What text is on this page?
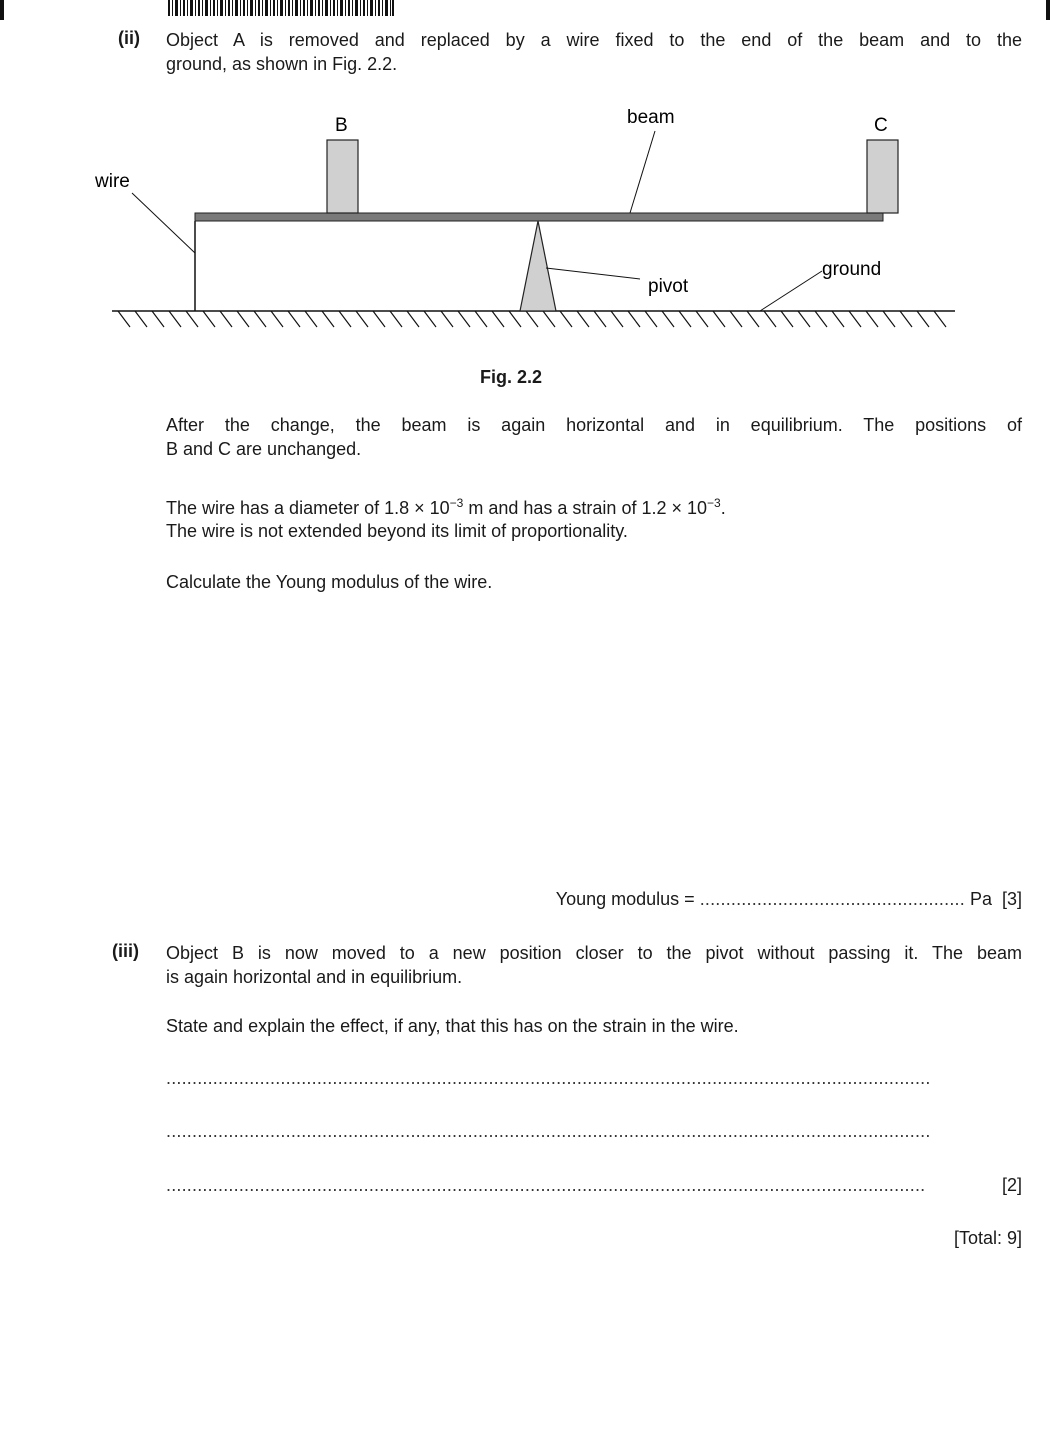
(ii) Object A is removed and replaced by a wire fixed to the end of the beam and to the
ground, as shown in Fig. 2.2.
B	C
beam
wire
pivot
ground
Fig. 2.2
After the change, the beam is again horizontal and in equilibrium. The positions of
B and C are unchanged.
The wire has a diameter of $1.8 \times 10^{-3}$ m and has a strain of $1.2 \times 10^{-3}$.
The wire is not extended beyond its limit of proportionality.
Calculate the Young modulus of the wire.
Young modulus = ................................................... Pa [3]
(iii) Object B is now moved to a new position closer to the pivot without passing it. The beam
is again horizontal and in equilibrium.
State and explain the effect, if any, that this has on the strain in the wire.
...................................................................................................................................................
...................................................................................................................................................
..................................................................................................................................................	[2]
[Total: 9]
